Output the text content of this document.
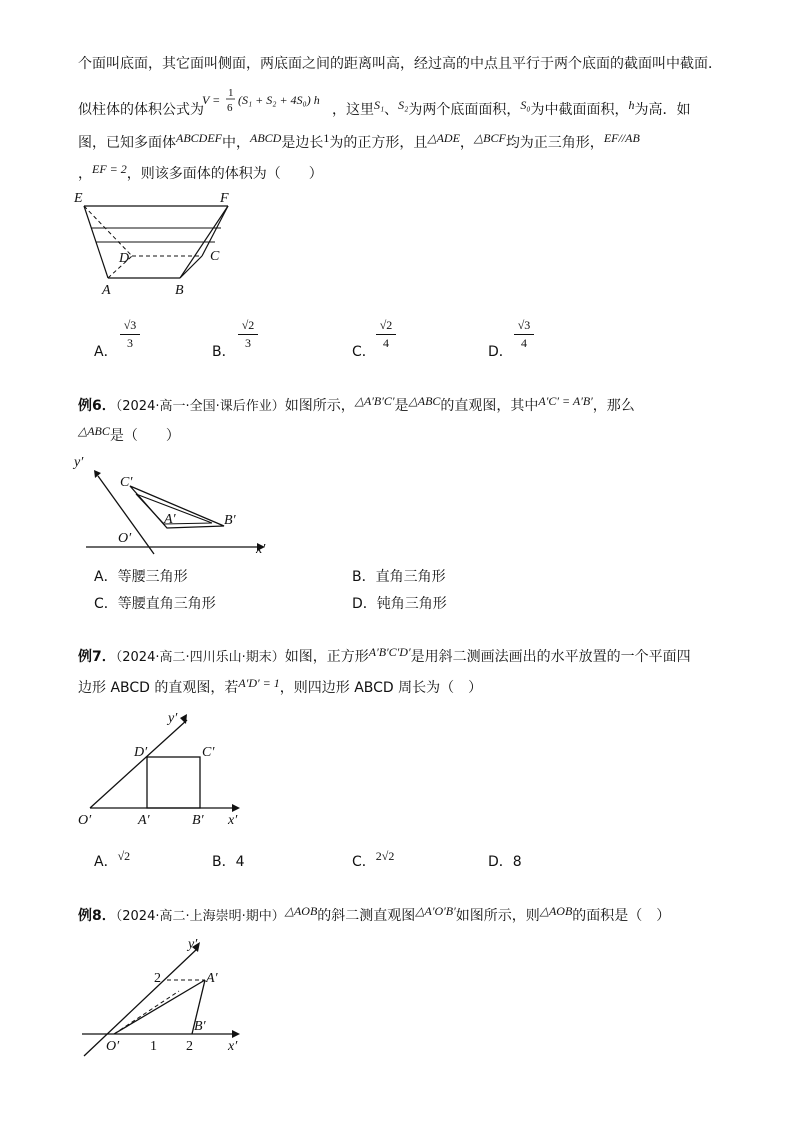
个面叫底面，其它面叫侧面，两底面之间的距离叫高，经过高的中点且平行于两个底面的截面叫中截面．
似柱体的体积公式为
V = 1
6
(S₁ + S₂ + 4S₀) h
，这里S₁、S₂为两个底面面积，S₀为中截面面积，h为高．如
图，已知多面体ABCDEF中，ABCD是边长1为的正方形，且△ADE，△BCF均为正三角形，EF//AB
，EF = 2，则该多面体的体积为（　　）
E	F
D	C
A	B
A．
$\frac{√3}{3}$
B．
$\frac{√2}{3}$
C．
$\frac{√2}{4}$
D．
$\frac{√3}{4}$
例6．（2024·高一·全国·课后作业）如图所示，△A′B′C′是△ABC的直观图，其中A′C′ = A′B′，那么
△ABC是（　　）
y′
C′
A′	B′
O′
x′
A．等腰三角形	B．直角三角形
C．等腰直角三角形	D．钝角三角形
例7．（2024·高二·四川乐山·期末）如图，正方形A′B′C′D′是用斜二测画法画出的水平放置的一个平面四
边形 ABCD 的直观图，若A′D′ = 1，则四边形 ABCD 周长为（　）
y′
D′	C′
O′	A′	B′ x′
A．√2	B．4	C．2√2	D．8
例8．（2024·高二·上海崇明·期中）△AOB的斜二测直观图△A′O′B′如图所示，则△AOB的面积是（　）
y′
2	A′
B′
O′ 1 2	x′
